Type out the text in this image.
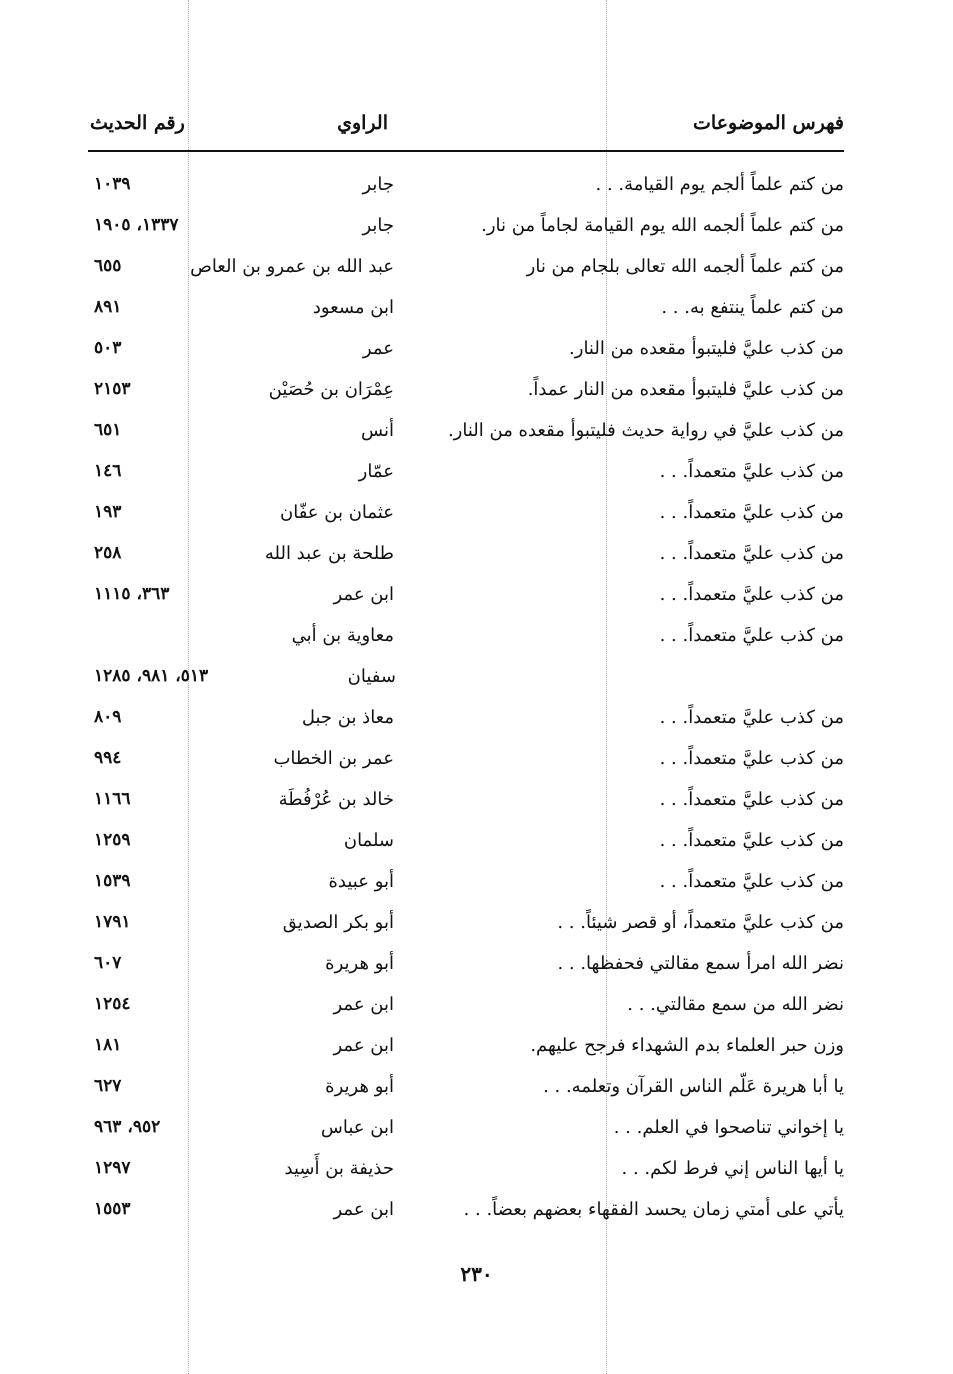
فهرس الموضوعات
الراوي
رقم الحديث
من كتم علماً ألجم يوم القيامة. . .
جابر
١٠٣٩
من كتم علماً ألجمه الله يوم القيامة لجاماً من نار.
جابر
١٣٣٧، ١٩٠٥
من كتم علماً ألجمه الله تعالى بلجام من نار
عبد الله بن عمرو بن العاص
٦٥٥
من كتم علماً ينتفع به. . .
ابن مسعود
٨٩١
من كذب عليَّ فليتبوأ مقعده من النار.
عمر
٥٠٣
من كذب عليَّ فليتبوأ مقعده من النار عمداً.
عِمْرَان بن حُصَيْن
٢١٥٣
من كذب عليَّ في رواية حديث فليتبوأ مقعده من النار.
أنس
٦٥١
من كذب عليَّ متعمداً. . .
عمّار
١٤٦
من كذب عليَّ متعمداً. . .
عثمان بن عفّان
١٩٣
من كذب عليَّ متعمداً. . .
طلحة بن عبد الله
٢٥٨
من كذب عليَّ متعمداً. . .
ابن عمر
٣٦٣، ١١١٥
من كذب عليَّ متعمداً. . .
معاوية بن أبي
سفيان
٥١٣، ٩٨١، ١٢٨٥
من كذب عليَّ متعمداً. . .
معاذ بن جبل
٨٠٩
من كذب عليَّ متعمداً. . .
عمر بن الخطاب
٩٩٤
من كذب عليَّ متعمداً. . .
خالد بن عُرْفُطَة
١١٦٦
من كذب عليَّ متعمداً. . .
سلمان
١٢٥٩
من كذب عليَّ متعمداً. . .
أبو عبيدة
١٥٣٩
من كذب عليَّ متعمداً، أو قصر شيئاً. . .
أبو بكر الصديق
١٧٩١
نضر الله امرأ سمع مقالتي فحفظها. . .
أبو هريرة
٦٠٧
نضر الله من سمع مقالتي. . .
ابن عمر
١٢٥٤
وزن حبر العلماء بدم الشهداء فرجح عليهم.
ابن عمر
١٨١
يا أبا هريرة عَلّم الناس القرآن وتعلمه. . .
أبو هريرة
٦٢٧
يا إخواني تناصحوا في العلم. . .
ابن عباس
٩٥٢، ٩٦٣
يا أيها الناس إني فرط لكم. . .
حذيفة بن أَسِيد
١٢٩٧
يأتي على أمتي زمان يحسد الفقهاء بعضهم بعضاً. . .
ابن عمر
١٥٥٣
٢٣٠
